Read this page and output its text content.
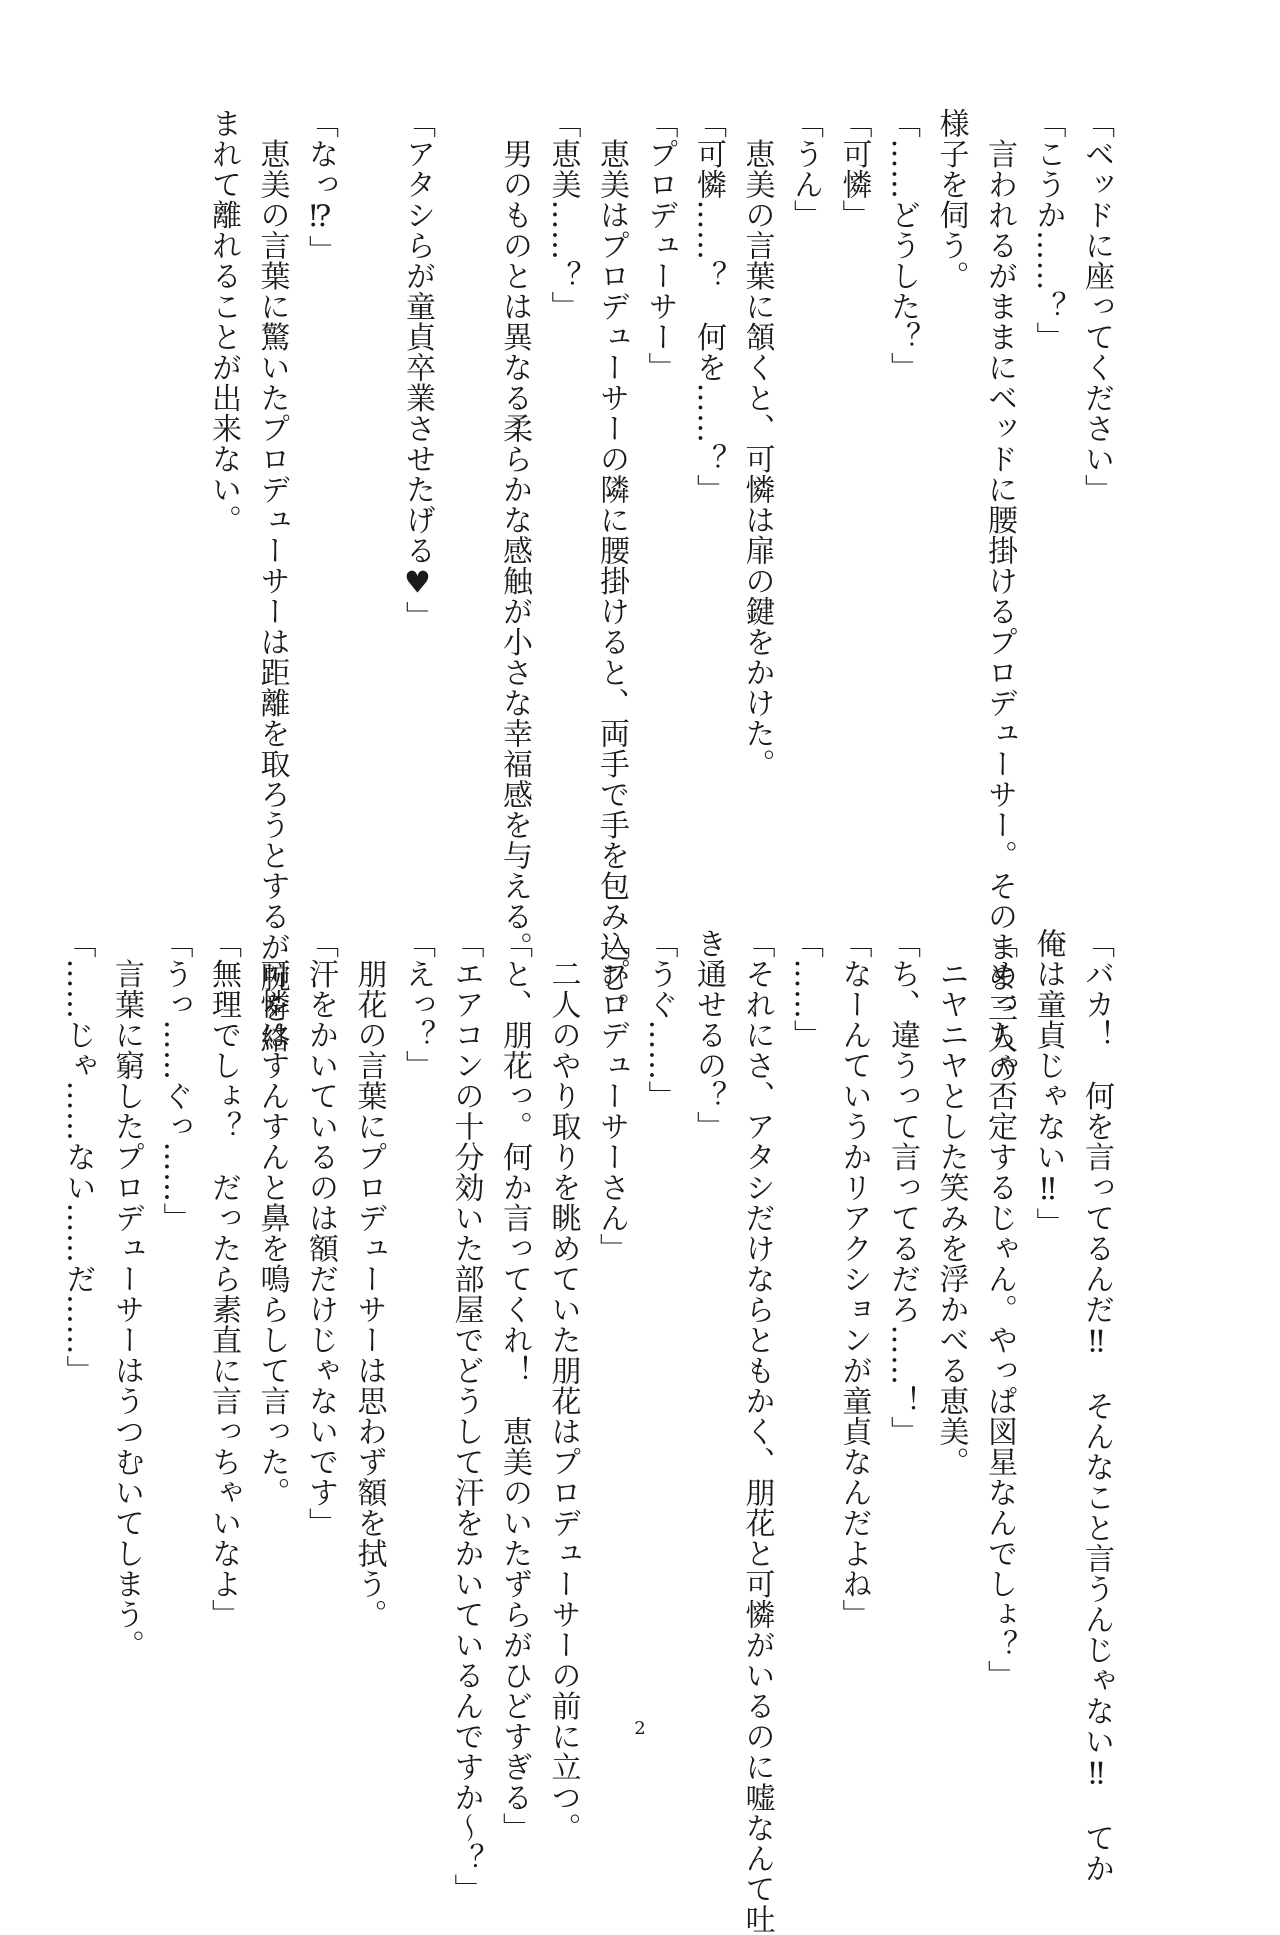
「ベッドに座ってください」
「こうか……？」
　言われるがままにベッドに腰掛けるプロデューサー。そのまま三人の
様子を伺う。
「……どうした？」
「可憐」
「うん」
　恵美の言葉に頷くと、可憐は扉の鍵をかけた。
「可憐……？　何を……？」
「プロデューサー」
　恵美はプロデューサーの隣に腰掛けると、両手で手を包み込む。
「恵美……？」
　男のものとは異なる柔らかな感触が小さな幸福感を与える。
「アタシらが童貞卒業させたげる♥」
「なっ⁉」
　恵美の言葉に驚いたプロデューサーは距離を取ろうとするが腕を絡
まれて離れることが出来ない。
「バカ！　何を言ってるんだ‼　そんなこと言うんじゃない‼　てか
俺は童貞じゃない‼」
「めっちゃ否定するじゃん。やっぱ図星なんでしょ？」
　ニヤニヤとした笑みを浮かべる恵美。
「ち、違うって言ってるだろ……！」
「なーんていうかリアクションが童貞なんだよね」
「……」
「それにさ、アタシだけならともかく、朋花と可憐がいるのに嘘なんて吐
き通せるの？」
「うぐ……」
「プロデューサーさん」
　二人のやり取りを眺めていた朋花はプロデューサーの前に立つ。
「と、朋花っ。何か言ってくれ！　恵美のいたずらがひどすぎる」
「エアコンの十分効いた部屋でどうして汗をかいているんですか～？」
「えっ？」
　朋花の言葉にプロデューサーは思わず額を拭う。
「汗をかいているのは額だけじゃないです」
　可憐はすんすんと鼻を鳴らして言った。
「無理でしょ？　だったら素直に言っちゃいなよ」
「うっ……ぐっ……」
　言葉に窮したプロデューサーはうつむいてしまう。
「……じゃ……ない……だ……」
2
